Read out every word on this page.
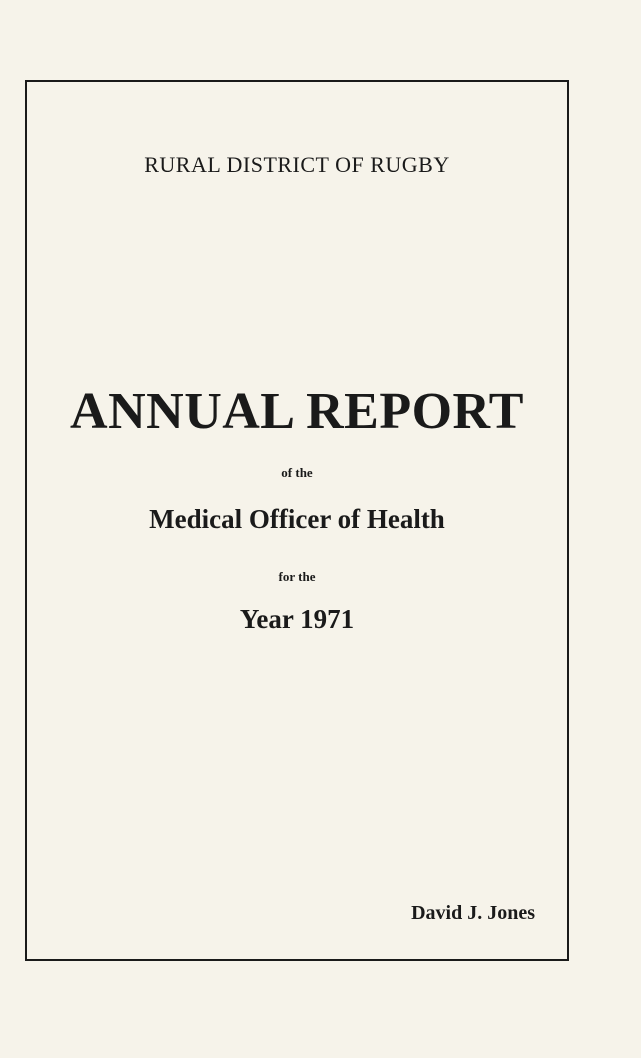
RURAL DISTRICT OF RUGBY

ANNUAL REPORT

of the

Medical Officer of Health

for the

Year 1971

David J. Jones
